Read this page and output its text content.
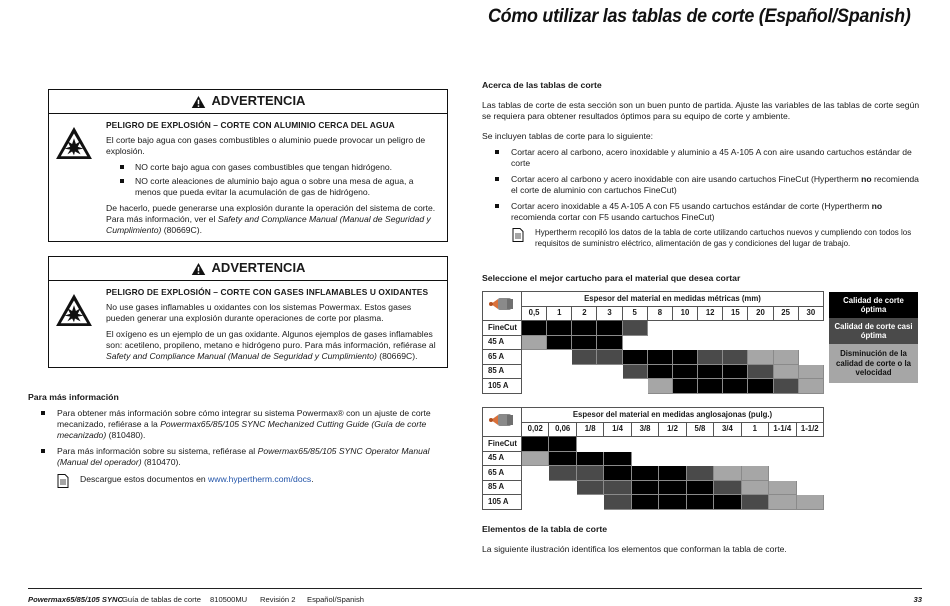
Cómo utilizar las tablas de corte (Español/Spanish)
ADVERTENCIA
PELIGRO DE EXPLOSIÓN – CORTE CON ALUMINIO CERCA DEL AGUA

El corte bajo agua con gases combustibles o aluminio puede provocar un peligro de explosión.

NO corte bajo agua con gases combustibles que tengan hidrógeno.
NO corte aleaciones de aluminio bajo agua o sobre una mesa de agua, a menos que pueda evitar la acumulación de gas de hidrógeno.

De hacerlo, puede generarse una explosión durante la operación del sistema de corte. Para más información, ver el Safety and Compliance Manual (Manual de Seguridad y Cumplimiento) (80669C).

ADVERTENCIA
PELIGRO DE EXPLOSIÓN – CORTE CON GASES INFLAMABLES U OXIDANTES

No use gases inflamables u oxidantes con los sistemas Powermax. Estos gases pueden generar una explosión durante operaciones de corte por plasma.

El oxígeno es un ejemplo de un gas oxidante. Algunos ejemplos de gases inflamables son: acetileno, propileno, metano e hidrógeno puro. Para más información, refiérase al Safety and Compliance Manual (Manual de Seguridad y Cumplimiento) (80669C).

Para más información
Para obtener más información sobre cómo integrar su sistema Powermax® con un ajuste de corte mecanizado, refiérase a la Powermax65/85/105 SYNC Mechanized Cutting Guide (Guía de corte mecanizado) (810480).
Para más información sobre su sistema, refiérase al Powermax65/85/105 SYNC Operator Manual (Manual del operador) (810470).
Descargue estos documentos en www.hypertherm.com/docs.
Acerca de las tablas de corte

Las tablas de corte de esta sección son un buen punto de partida. Ajuste las variables de las tablas de corte según se requiera para obtener resultados óptimos para su equipo de corte y ambiente.

Se incluyen tablas de corte para lo siguiente:

Cortar acero al carbono, acero inoxidable y aluminio a 45 A-105 A con aire usando cartuchos estándar de corte
Cortar acero al carbono y acero inoxidable con aire usando cartuchos FineCut (Hypertherm no recomienda el corte de aluminio con cartuchos FineCut)
Cortar acero inoxidable a 45 A-105 A con F5 usando cartuchos estándar de corte (Hypertherm no recomienda cortar con F5 usando cartuchos FineCut)
Hypertherm recopiló los datos de la tabla de corte utilizando cartuchos nuevos y cumpliendo con todos los requisitos de suministro eléctrico, alimentación de gas y condiciones del lugar de trabajo.
Seleccione el mejor cartucho para el material que desea cortar
	Espesor del material en medidas métricas (mm)											
	0,5	1	2	3	5	8	10	12	15	20	25	30
FineCut												
45 A												
65 A												
85 A												
105 A												
Calidad de corte óptima
Calidad de corte casi óptima
Disminución de la calidad de corte o la velocidad
	Espesor del material en medidas anglosajonas (pulg.)										
	0,02	0,06	1/8	1/4	3/8	1/2	5/8	3/4	1	1-1/4	1-1/2
FineCut											
45 A											
65 A											
85 A											
105 A											
Elementos de la tabla de corte

La siguiente ilustración identifica los elementos que conforman la tabla de corte.

Powermax65/85/105 SYNC Guía de tablas de corte 810500MU Revisión 2 Español/Spanish	33
